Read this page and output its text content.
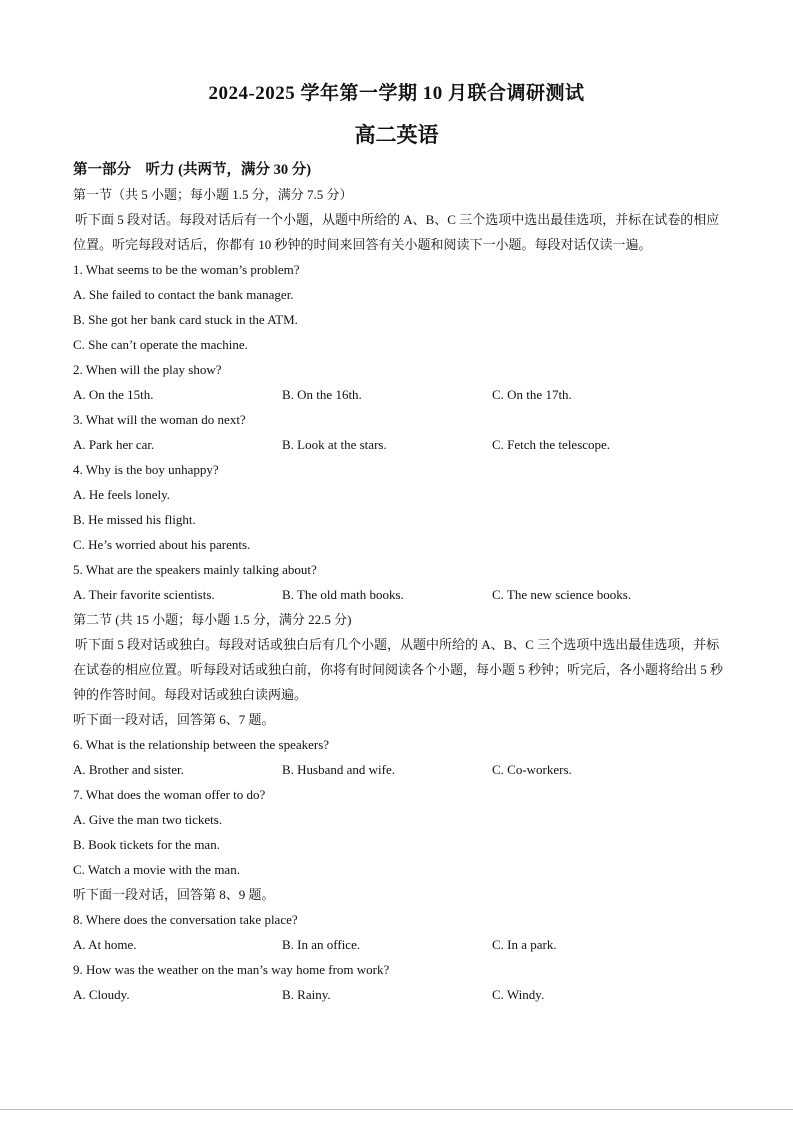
2024-2025 学年第一学期 10 月联合调研测试
高二英语
第一部分　听力 (共两节，满分 30 分)
第一节（共 5 小题；每小题 1.5 分，满分 7.5 分）

听下面 5 段对话。每段对话后有一个小题，从题中所给的 A、B、C 三个选项中选出最佳选项，并标在试卷的相应位置。听完每段对话后，你都有 10 秒钟的时间来回答有关小题和阅读下一小题。每段对话仅读一遍。

1. What seems to be the woman’s problem?
A. She failed to contact the bank manager.
B. She got her bank card stuck in the ATM.
C. She can’t operate the machine.
2. When will the play show?
A. On the 15th.	B. On the 16th.	C. On the 17th.
3. What will the woman do next?
A. Park her car.	B. Look at the stars.	C. Fetch the telescope.
4. Why is the boy unhappy?
A. He feels lonely.
B. He missed his flight.
C. He’s worried about his parents.
5. What are the speakers mainly talking about?
A. Their favorite scientists.	B. The old math books.	C. The new science books.
第二节 (共 15 小题；每小题 1.5 分，满分 22.5 分)

听下面 5 段对话或独白。每段对话或独白后有几个小题，从题中所给的 A、B、C 三个选项中选出最佳选项，并标在试卷的相应位置。听每段对话或独白前，你将有时间阅读各个小题，每小题 5 秒钟；听完后，各小题将给出 5 秒钟的作答时间。每段对话或独白读两遍。

听下面一段对话，回答第 6、7 题。
6. What is the relationship between the speakers?
A. Brother and sister.	B. Husband and wife.	C. Co-workers.
7. What does the woman offer to do?
A. Give the man two tickets.
B. Book tickets for the man.
C. Watch a movie with the man.
听下面一段对话，回答第 8、9 题。
8. Where does the conversation take place?
A. At home.	B. In an office.	C. In a park.
9. How was the weather on the man’s way home from work?
A. Cloudy.	B. Rainy.	C. Windy.
